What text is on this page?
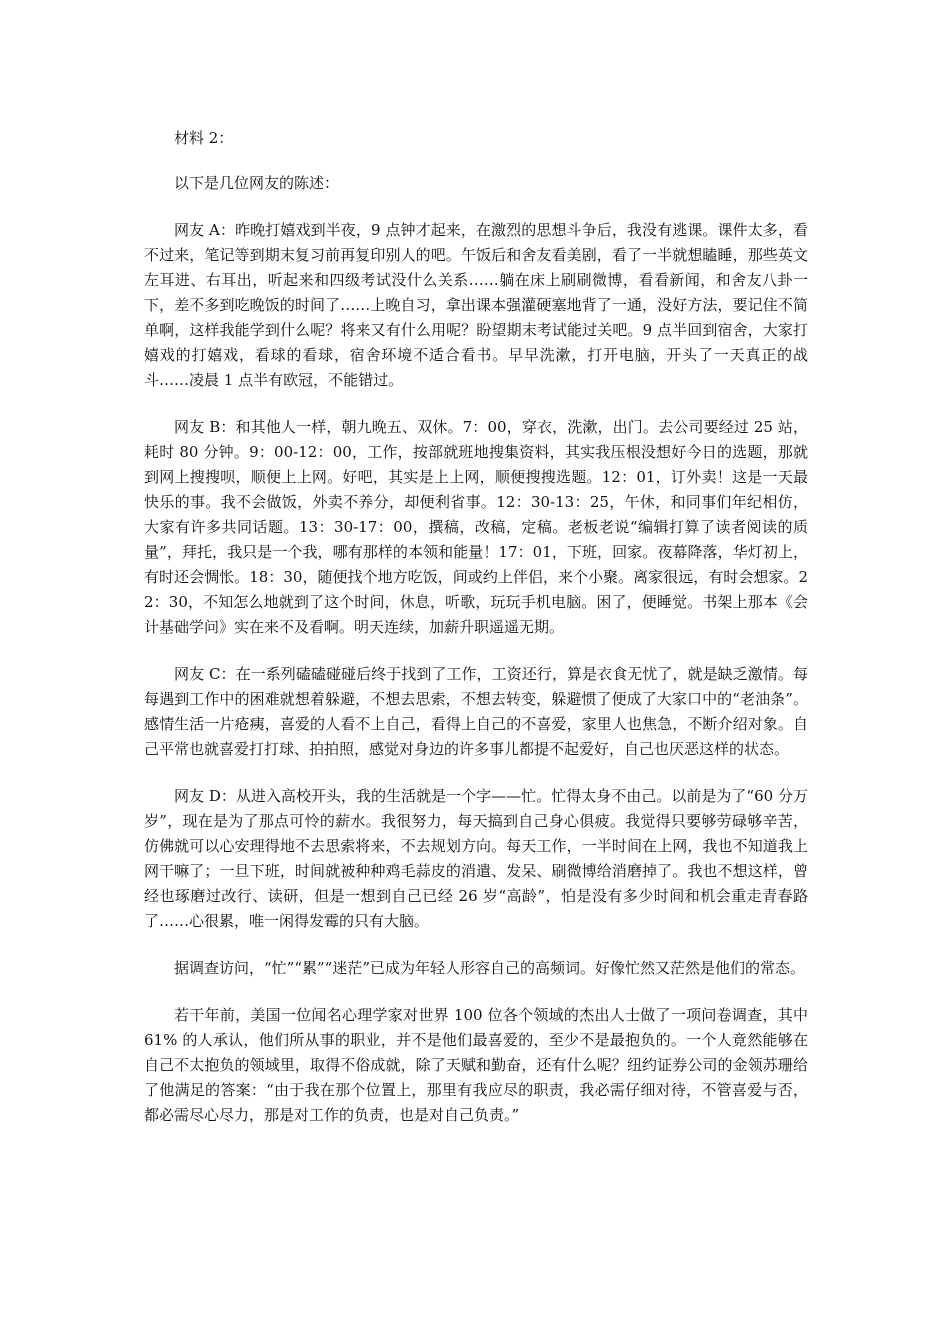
材料 2：

以下是几位网友的陈述：

网友 A：昨晚打嬉戏到半夜，9 点钟才起来，在激烈的思想斗争后，我没有逃课。课件太多，看不过来，笔记等到期末复习前再复印别人的吧。午饭后和舍友看美剧，看了一半就想瞌睡，那些英文左耳进、右耳出，听起来和四级考试没什么关系……躺在床上刷刷微博，看看新闻，和舍友八卦一下，差不多到吃晚饭的时间了……上晚自习，拿出课本强灌硬塞地背了一通，没好方法，要记住不简单啊，这样我能学到什么呢？将来又有什么用呢？盼望期末考试能过关吧。9 点半回到宿舍，大家打嬉戏的打嬉戏，看球的看球，宿舍环境不适合看书。早早洗漱，打开电脑，开头了一天真正的战斗……凌晨 1 点半有欧冠，不能错过。

网友 B：和其他人一样，朝九晚五、双休。7：00，穿衣，洗漱，出门。去公司要经过 25 站，耗时 80 分钟。9：00-12：00，工作，按部就班地搜集资料，其实我压根没想好今日的选题，那就到网上搜搜呗，顺便上上网。好吧，其实是上上网，顺便搜搜选题。12：01，订外卖！这是一天最快乐的事。我不会做饭，外卖不养分，却便利省事。12：30-13：25，午休，和同事们年纪相仿，大家有许多共同话题。13：30-17：00，撰稿，改稿，定稿。老板老说“编辑打算了读者阅读的质量”，拜托，我只是一个我，哪有那样的本领和能量！17：01，下班，回家。夜幕降落，华灯初上，有时还会惆怅。18：30，随便找个地方吃饭，间或约上伴侣，来个小聚。离家很远，有时会想家。22：30，不知怎么地就到了这个时间，休息，听歌，玩玩手机电脑。困了，便睡觉。书架上那本《会计基础学问》实在来不及看啊。明天连续，加薪升职遥遥无期。

网友 C：在一系列磕磕碰碰后终于找到了工作，工资还行，算是衣食无忧了，就是缺乏激情。每每遇到工作中的困难就想着躲避，不想去思索，不想去转变，躲避惯了便成了大家口中的“老油条”。感情生活一片疮痍，喜爱的人看不上自己，看得上自己的不喜爱，家里人也焦急，不断介绍对象。自己平常也就喜爱打打球、拍拍照，感觉对身边的许多事儿都提不起爱好，自己也厌恶这样的状态。

网友 D：从进入高校开头，我的生活就是一个字——忙。忙得太身不由己。以前是为了“60 分万岁”，现在是为了那点可怜的薪水。我很努力，每天搞到自己身心俱疲。我觉得只要够劳碌够辛苦，仿佛就可以心安理得地不去思索将来，不去规划方向。每天工作，一半时间在上网，我也不知道我上网干嘛了；一旦下班，时间就被种种鸡毛蒜皮的消遣、发呆、刷微博给消磨掉了。我也不想这样，曾经也琢磨过改行、读研，但是一想到自己已经 26 岁“高龄”，怕是没有多少时间和机会重走青春路了……心很累，唯一闲得发霉的只有大脑。

据调查访问，“忙”“累”“迷茫”已成为年轻人形容自己的高频词。好像忙然又茫然是他们的常态。

若干年前，美国一位闻名心理学家对世界 100 位各个领域的杰出人士做了一项问卷调查，其中 61% 的人承认，他们所从事的职业，并不是他们最喜爱的，至少不是最抱负的。一个人竟然能够在自己不太抱负的领域里，取得不俗成就，除了天赋和勤奋，还有什么呢？纽约证券公司的金领苏珊给了他满足的答案：“由于我在那个位置上，那里有我应尽的职责，我必需仔细对待，不管喜爱与否，都必需尽心尽力，那是对工作的负责，也是对自己负责。”
